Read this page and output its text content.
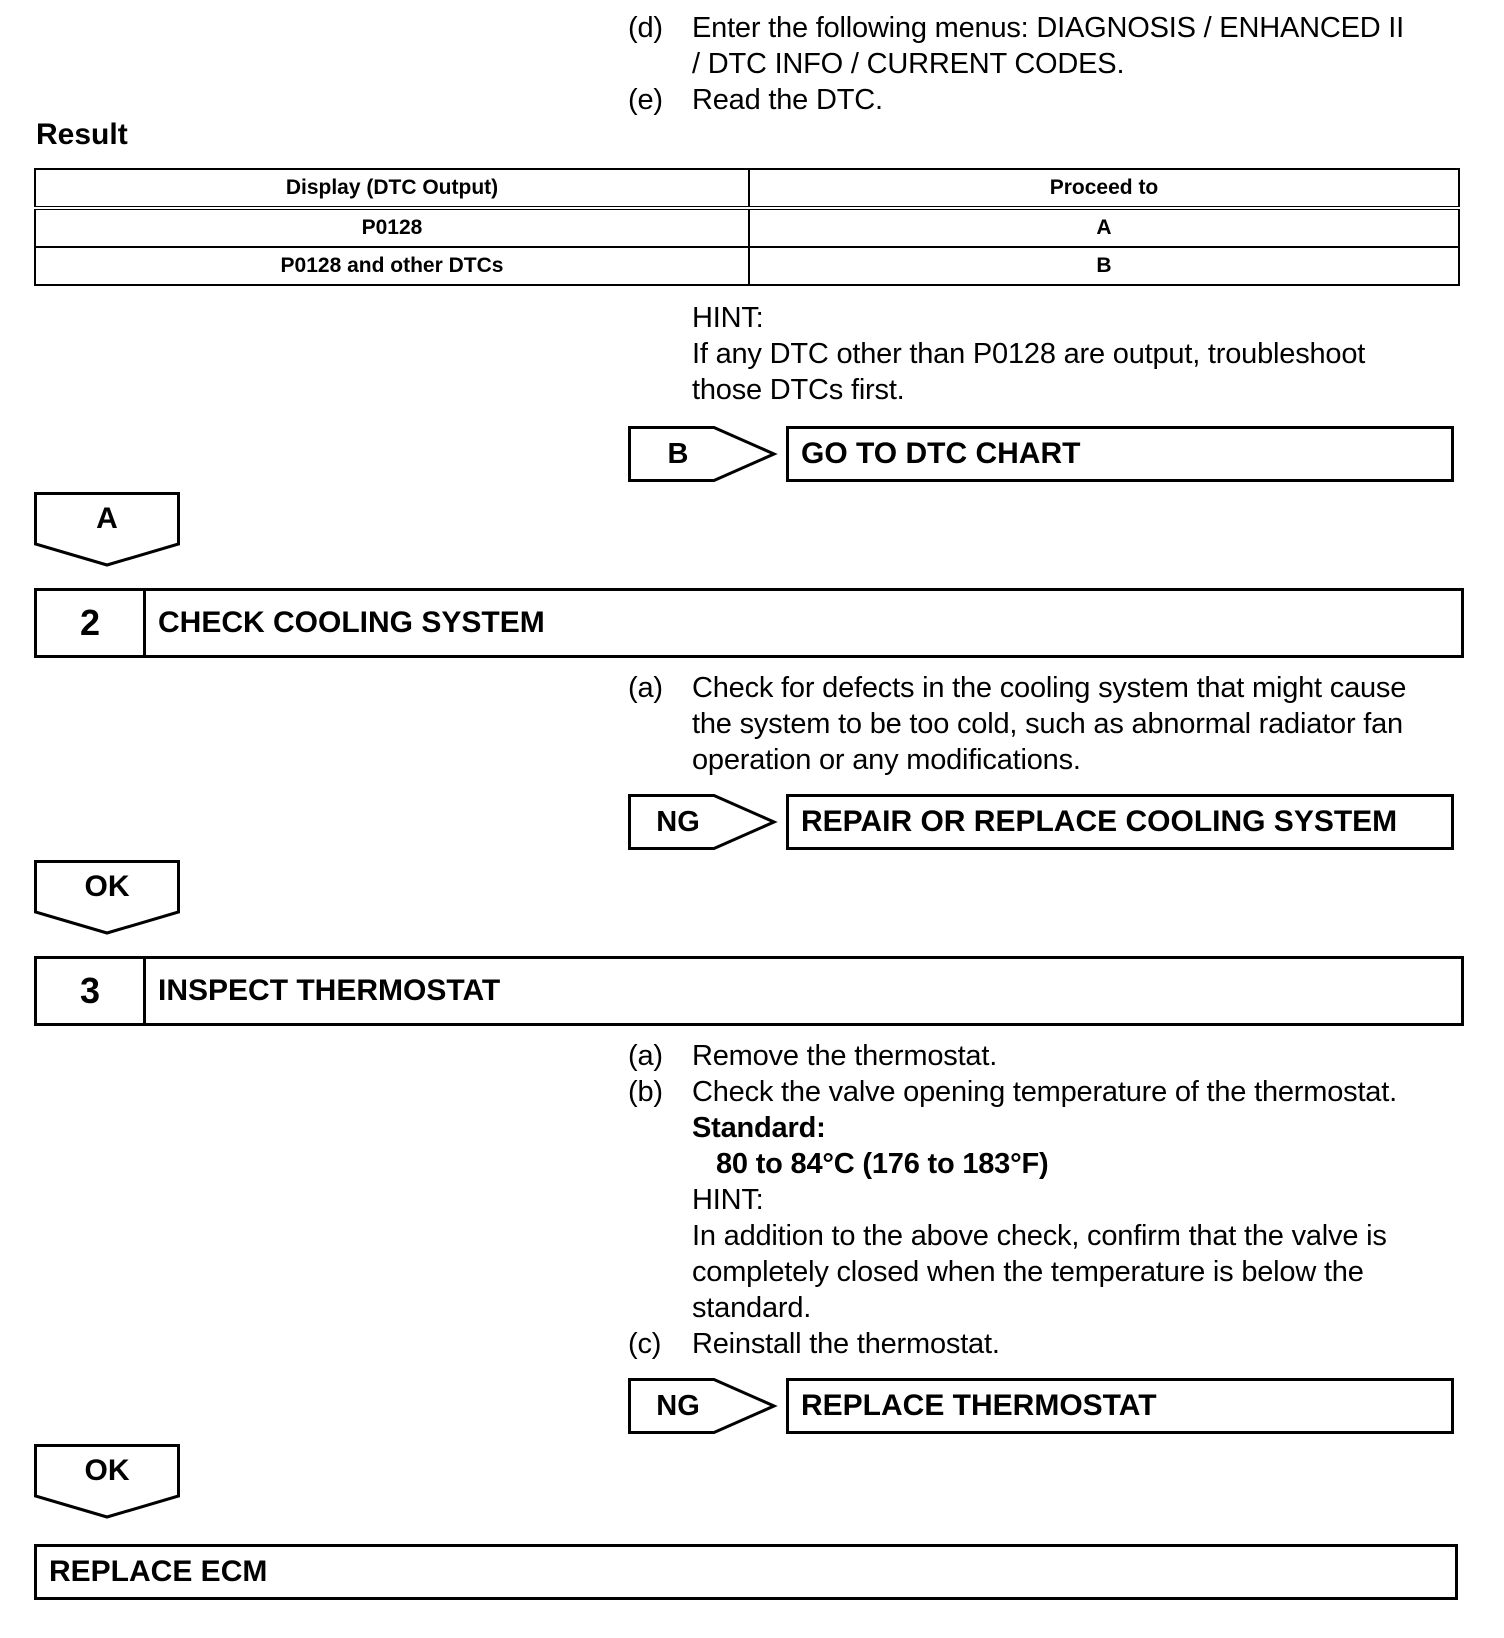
(d)	Enter the following menus: DIAGNOSIS / ENHANCED II
/ DTC INFO / CURRENT CODES.
(e)	Read the DTC.
Result
Display (DTC Output)	Proceed to
P0128	A
P0128 and other DTCs	B
HINT:
If any DTC other than P0128 are output, troubleshoot
those DTCs first.
B	GO TO DTC CHART
A
2	CHECK COOLING SYSTEM
(a)	Check for defects in the cooling system that might cause
the system to be too cold, such as abnormal radiator fan
operation or any modifications.
NG	REPAIR OR REPLACE COOLING SYSTEM
OK
3	INSPECT THERMOSTAT
(a)	Remove the thermostat.
(b)	Check the valve opening temperature of the thermostat.
Standard:
80 to 84°C (176 to 183°F)
HINT:
In addition to the above check, confirm that the valve is
completely closed when the temperature is below the
standard.
(c)	Reinstall the thermostat.
NG	REPLACE THERMOSTAT
OK
REPLACE ECM
